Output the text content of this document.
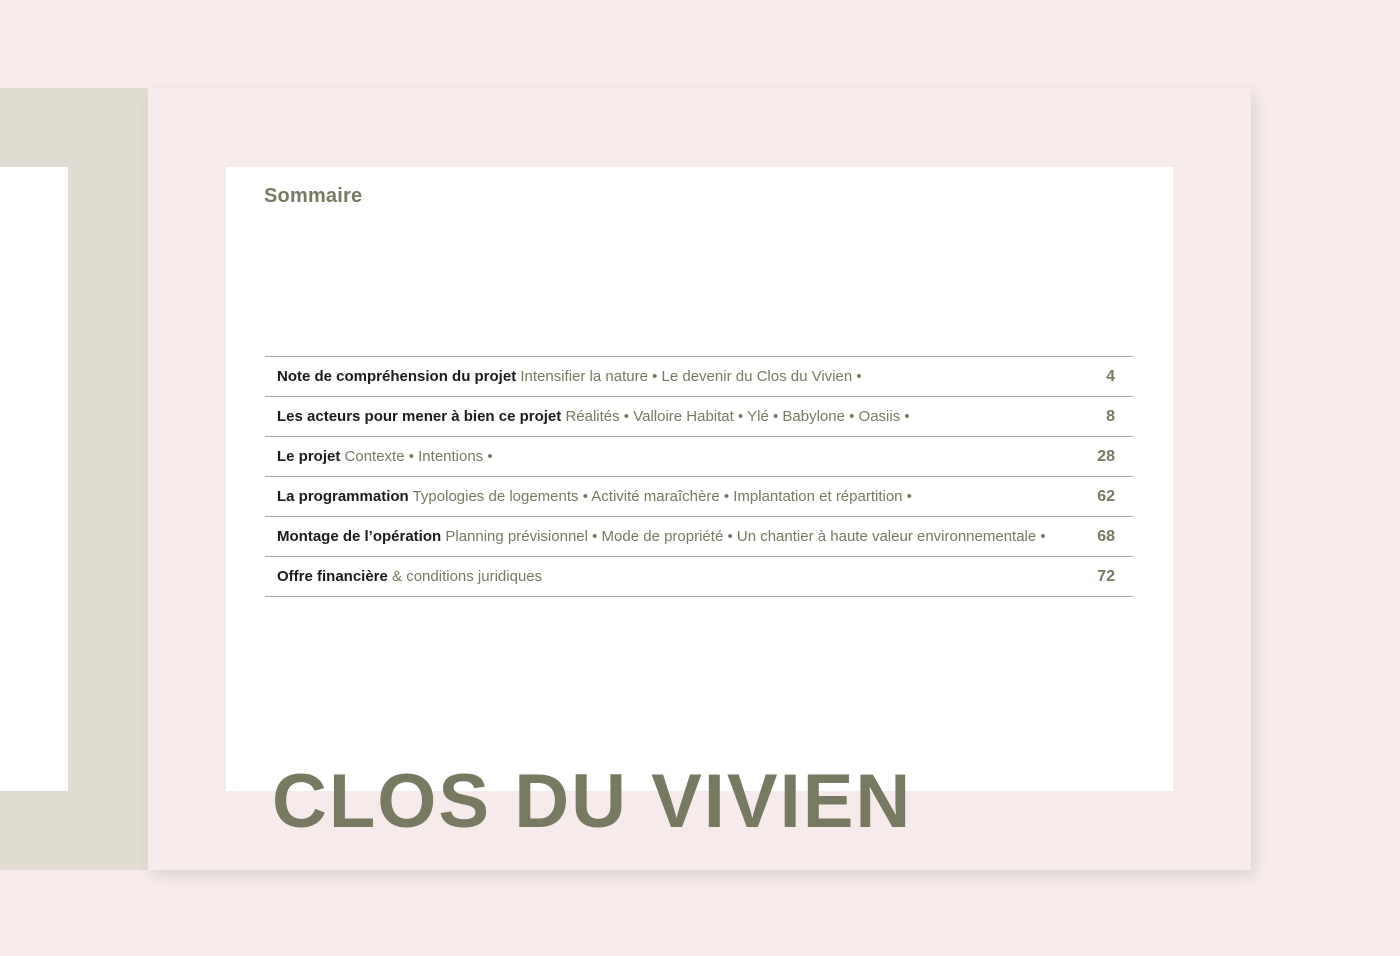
Sommaire
Note de compréhension du projet Intensifier la nature • Le devenir du Clos du Vivien •	4
Les acteurs pour mener à bien ce projet Réalités • Valloire Habitat • Ylé • Babylone • Oasiis •	8
Le projet Contexte • Intentions •	28
La programmation Typologies de logements • Activité maraîchère • Implantation et répartition •	62
Montage de l’opération Planning prévisionnel • Mode de propriété • Un chantier à haute valeur environnementale •	68
Offre financière & conditions juridiques	72
CLOS DU VIVIEN
